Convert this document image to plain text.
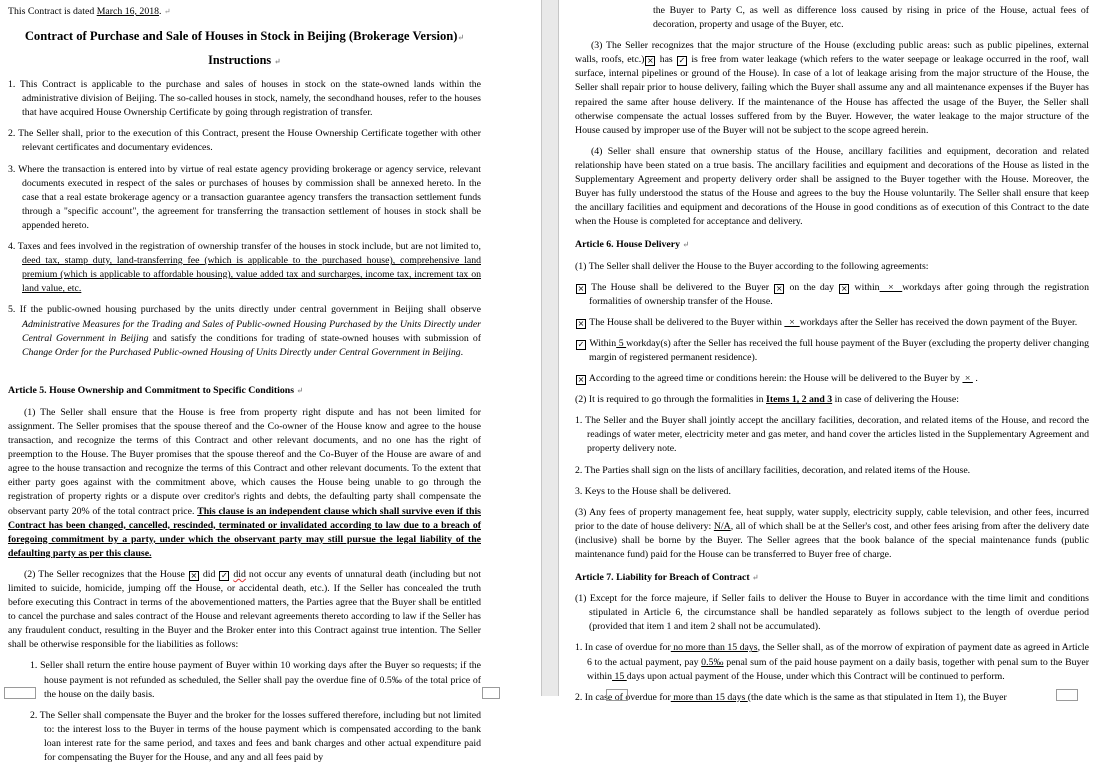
This Contract is dated March 16, 2018. ↵
Contract of Purchase and Sale of Houses in Stock in Beijing (Brokerage Version)↵
Instructions ↵
1. This Contract is applicable to the purchase and sales of houses in stock on the state-owned lands within the administrative division of Beijing. The so-called houses in stock, namely, the secondhand houses, refer to the houses that have acquired House Ownership Certificate by going through registration of transfer.
2. The Seller shall, prior to the execution of this Contract, present the House Ownership Certificate together with other relevant certificates and documentary evidences.
3. Where the transaction is entered into by virtue of real estate agency providing brokerage or agency service, relevant documents executed in respect of the sales or purchases of houses by commission shall be annexed hereto. In the case that a real estate brokerage agency or a transaction guarantee agency transfers the transaction settlement funds through a "specific account", the agreement for transferring the transaction settlement of houses in stock shall be appended hereto.
4. Taxes and fees involved in the registration of ownership transfer of the houses in stock include, but are not limited to, deed tax, stamp duty, land-transferring fee (which is applicable to the purchased house), comprehensive land premium (which is applicable to affordable housing), value added tax and surcharges, income tax, increment tax on land value, etc.
5. If the public-owned housing purchased by the units directly under central government in Beijing shall observe Administrative Measures for the Trading and Sales of Public-owned Housing Purchased by the Units Directly under Central Government in Beijing and satisfy the conditions for trading of state-owned houses with submission of Change Order for the Purchased Public-owned Housing of Units Directly under Central Government in Beijing.
Article 5. House Ownership and Commitment to Specific Conditions ↵
(1) The Seller shall ensure that the House is free from property right dispute and has not been limited for assignment. The Seller promises that the spouse thereof and the Co-owner of the House know and agree to the house transaction, and recognize the terms of this Contract and other relevant documents, and no one has the right of preemption to the House. The Buyer promises that the spouse thereof and the Co-Buyer of the House are aware of and agree to the house transaction and recognize the terms of this Contract and other relevant documents. To the extent that either party goes against with the commitment above, which causes the House being unable to go through the registration of property rights or a dispute over creditor's rights and debts, the defaulting party shall compensate the observant party 20% of the total contract price. This clause is an independent clause which shall survive even if this Contract has been changed, cancelled, rescinded, terminated or invalidated according to law due to a breach of foregoing commitment by a party, under which the observant party may still pursue the legal liability of the defaulting party as per this clause.
(2) The Seller recognizes that the House × did ✓ did not occur any events of unnatural death (including but not limited to suicide, homicide, jumping off the House, or accidental death, etc.). If the Seller has concealed the truth before executing this Contract in terms of the abovementioned matters, the Parties agree that the Buyer shall be entitled to cancel the purchase and sales contract of the House and relevant agreements thereto according to law if the Seller has any fraudulent conduct, resulting in the Buyer and the Broker enter into this Contract against true intention. The Seller shall be otherwise responsible for the liabilities as follows:
1. Seller shall return the entire house payment of Buyer within 10 working days after the Buyer so requests; if the house payment is not refunded as scheduled, the Seller shall pay the overdue fine of 0.5‰ of the total price of the house on the daily basis.
2. The Seller shall compensate the Buyer and the broker for the losses suffered therefore, including but not limited to: the interest loss to the Buyer in terms of the house payment which is compensated according to the bank loan interest rate for the same period, and taxes and fees and bank charges and other actual expenditure paid for compensating the Buyer for the House, and any and all fees paid by
the Buyer to Party C, as well as difference loss caused by rising in price of the House, actual fees of decoration, property and usage of the Buyer, etc.
(3) The Seller recognizes that the major structure of the House (excluding public areas: such as public pipelines, external walls, roofs, etc.) × has ✓ is free from water leakage (which refers to the water seepage or leakage occurred in the roof, wall surface, internal pipelines or ground of the House). In case of a lot of leakage arising from the major structure of the House, the Seller shall repair prior to house delivery, failing which the Buyer shall assume any and all maintenance expenses if the Buyer has repaired the same after house delivery. If the maintenance of the House has affected the usage of the Buyer, the Seller shall otherwise compensate the actual losses suffered from by the Buyer. However, the water leakage to the major structure of the House caused by improper use of the Buyer will not be subject to the scope agreed herein.
(4) Seller shall ensure that ownership status of the House, ancillary facilities and equipment, decoration and related relationship have been stated on a true basis. The ancillary facilities and equipment and decorations of the House as listed in the Supplementary Agreement and property delivery order shall be assigned to the Buyer together with the House. Moreover, the Buyer has fully understood the status of the House and agrees to the buy the House voluntarily. The Seller shall ensure that keep the ancillary facilities and equipment and decorations of the House in good conditions as of execution of this Contract to the date when the House is completed for acceptance and delivery.
Article 6. House Delivery ↵
(1) The Seller shall deliver the House to the Buyer according to the following agreements:
× The House shall be delivered to the Buyer × on the day × within  ×  workdays after going through the registration formalities of ownership transfer of the House.
× The House shall be delivered to the Buyer within   ×  workdays after the Seller has received the down payment of the Buyer.
✓ Within 5 workday(s) after the Seller has received the full house payment of the Buyer (excluding the property deliver changing margin of registered permanent residence).
× According to the agreed time or conditions herein: the House will be delivered to the Buyer by  ×  .
(2) It is required to go through the formalities in Items 1, 2 and 3 in case of delivering the House:
1. The Seller and the Buyer shall jointly accept the ancillary facilities, decoration, and related items of the House, and record the readings of water meter, electricity meter and gas meter, and hand cover the articles listed in the Supplementary Agreement and property delivery note.
2. The Parties shall sign on the lists of ancillary facilities, decoration, and related items of the House.
3. Keys to the House shall be delivered.
(3) Any fees of property management fee, heat supply, water supply, electricity supply, cable television, and other fees, incurred prior to the date of house delivery: N/A, all of which shall be at the Seller's cost, and other fees arising from after the delivery date (inclusive) shall be borne by the Buyer. The Seller agrees that the book balance of the special maintenance funds (public maintenance fund) paid for the House can be transferred to Buyer free of charge.
Article 7. Liability for Breach of Contract ↵
(1) Except for the force majeure, if Seller fails to deliver the House to Buyer in accordance with the time limit and conditions stipulated in Article 6, the circumstance shall be handled separately as follows subject to the length of overdue period (provided that item 1 and item 2 shall not be accumulated).
1. In case of overdue for no more than 15 days, the Seller shall, as of the morrow of expiration of payment date as agreed in Article 6 to the actual payment, pay 0.5‰ penal sum of the paid house payment on a daily basis, together with penal sum to the Buyer within 15 days upon actual payment of the House, under which this Contract will be continued to perform.
2. In case of overdue for more than 15 days (the date which is the same as that stipulated in Item 1), the Buyer
